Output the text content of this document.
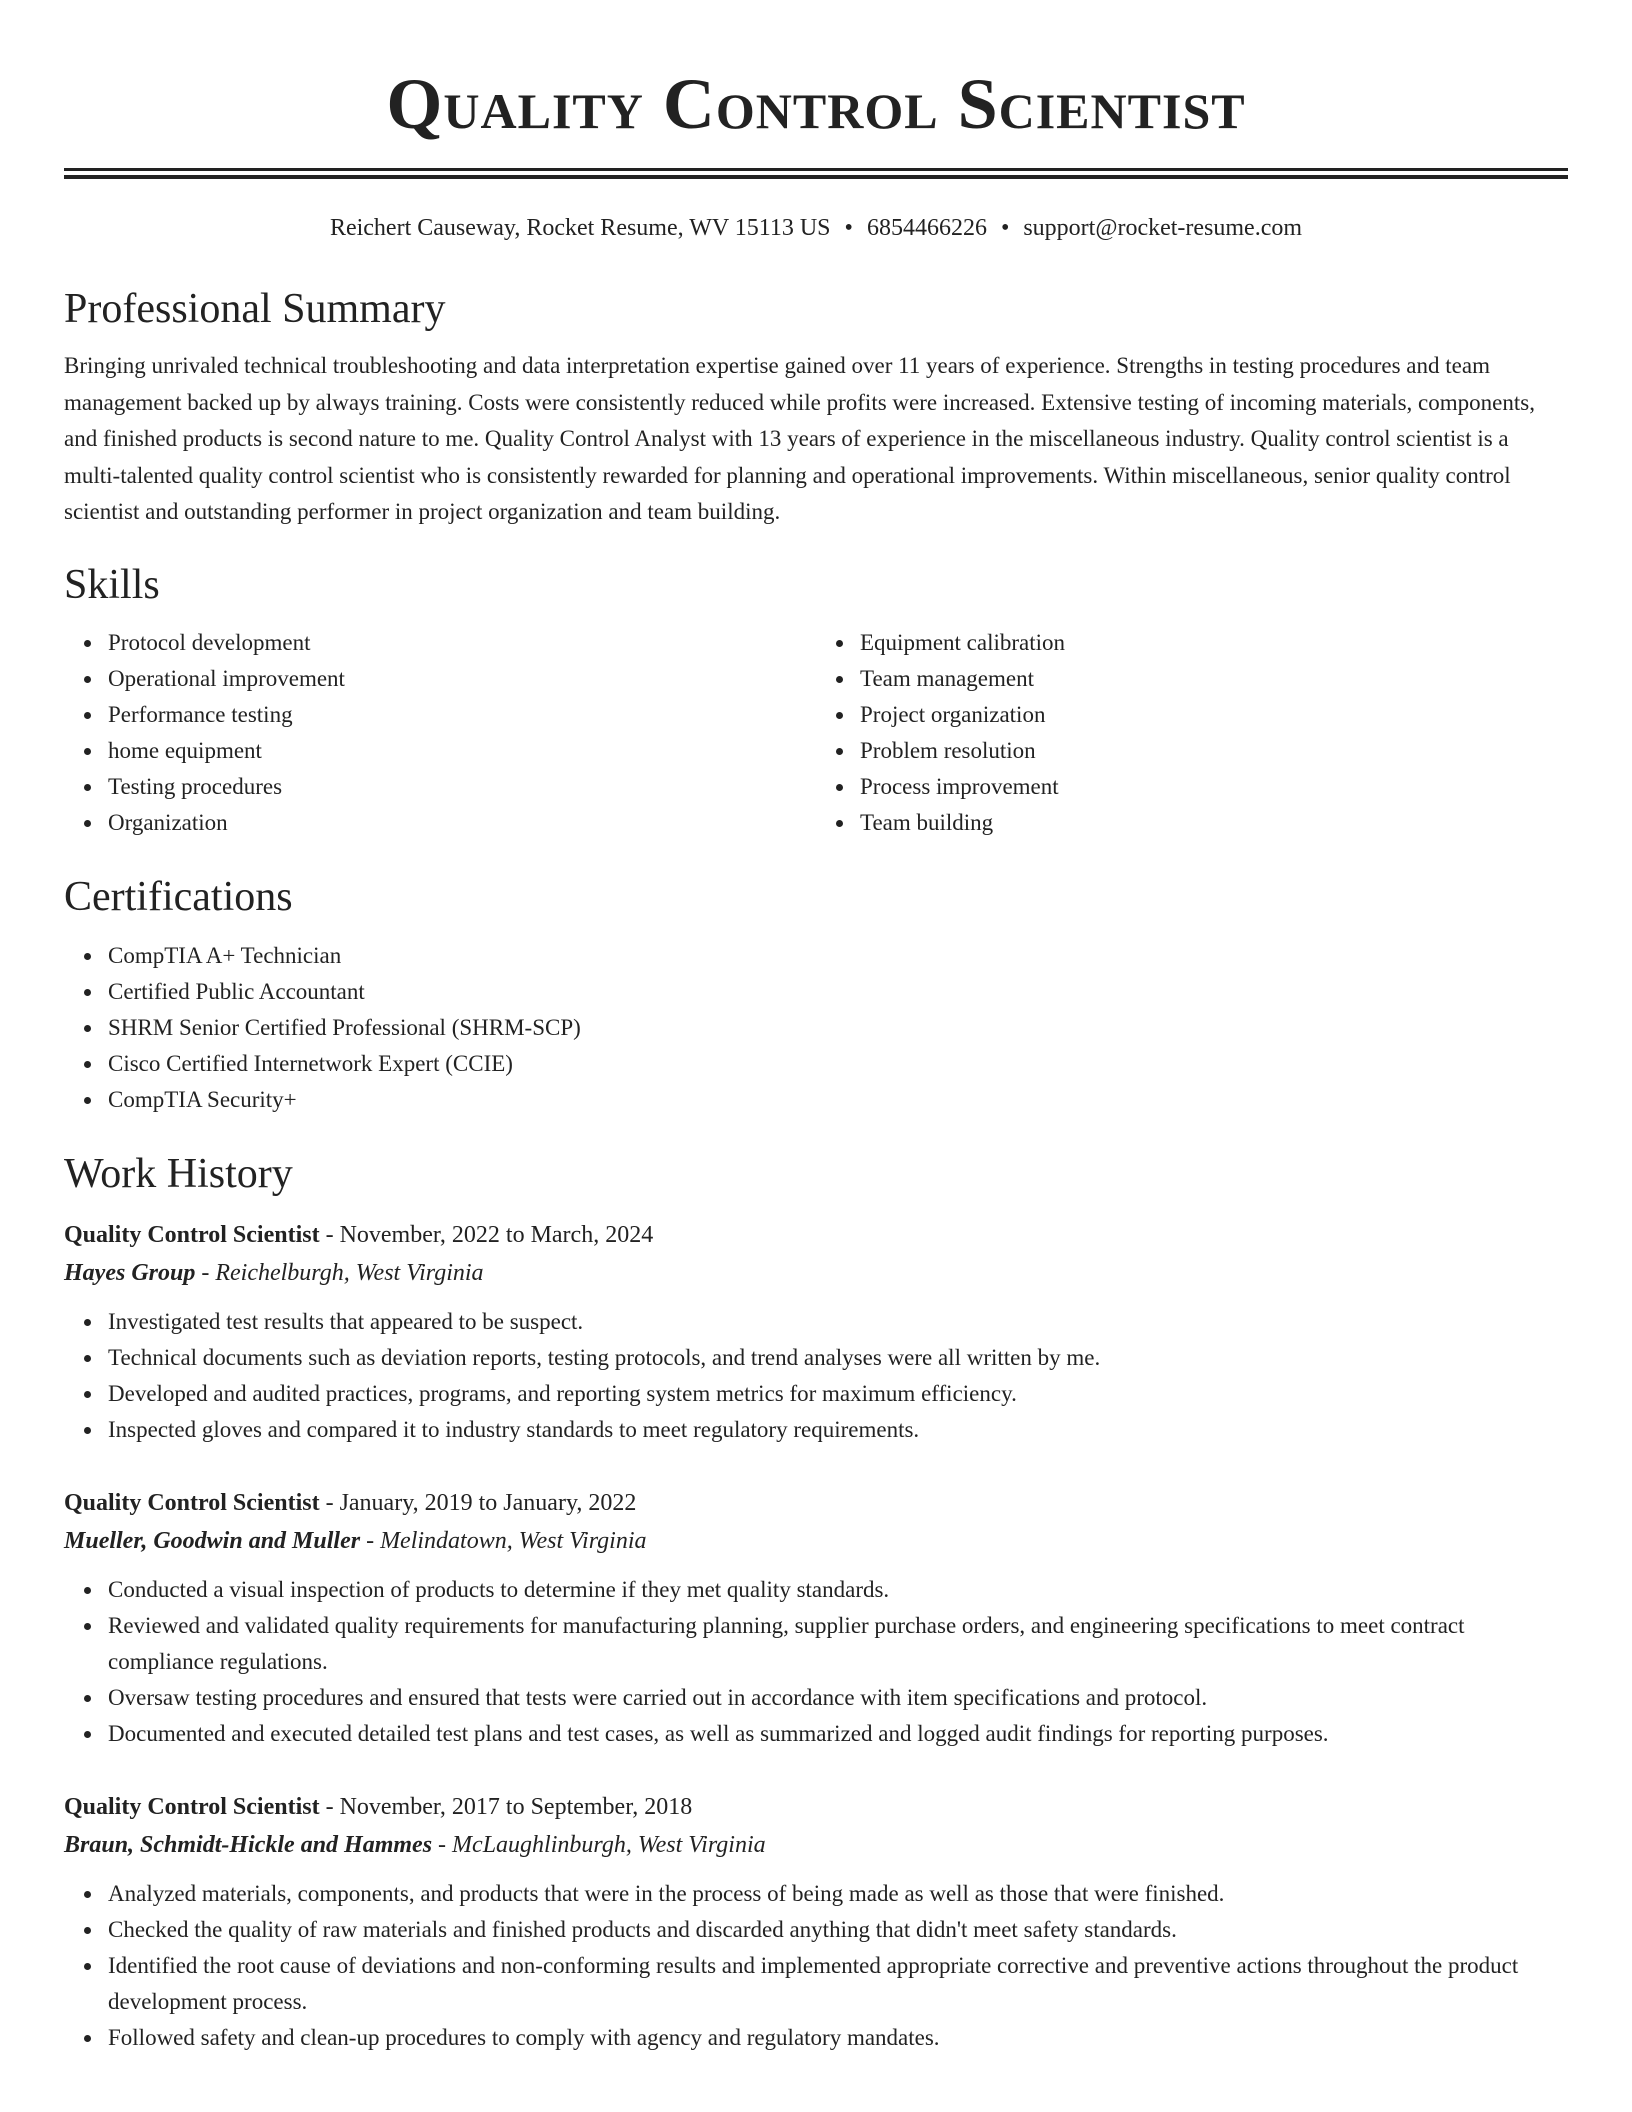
Quality Control Scientist
Reichert Causeway, Rocket Resume, WV 15113 US • 6854466226 • support@rocket-resume.com
Professional Summary

Bringing unrivaled technical troubleshooting and data interpretation expertise gained over 11 years of experience. Strengths in testing procedures and team management backed up by always training. Costs were consistently reduced while profits were increased. Extensive testing of incoming materials, components, and finished products is second nature to me. Quality Control Analyst with 13 years of experience in the miscellaneous industry. Quality control scientist is a multi-talented quality control scientist who is consistently rewarded for planning and operational improvements. Within miscellaneous, senior quality control scientist and outstanding performer in project organization and team building.

Skills
Protocol development
Operational improvement
Performance testing
home equipment
Testing procedures
Organization
Equipment calibration
Team management
Project organization
Problem resolution
Process improvement
Team building
Certifications
CompTIA A+ Technician
Certified Public Accountant
SHRM Senior Certified Professional (SHRM-SCP)
Cisco Certified Internetwork Expert (CCIE)
CompTIA Security+
Work History
Quality Control Scientist - November, 2022 to March, 2024
Hayes Group - Reichelburgh, West Virginia
Investigated test results that appeared to be suspect.
Technical documents such as deviation reports, testing protocols, and trend analyses were all written by me.
Developed and audited practices, programs, and reporting system metrics for maximum efficiency.
Inspected gloves and compared it to industry standards to meet regulatory requirements.
Quality Control Scientist - January, 2019 to January, 2022
Mueller, Goodwin and Muller - Melindatown, West Virginia
Conducted a visual inspection of products to determine if they met quality standards.
Reviewed and validated quality requirements for manufacturing planning, supplier purchase orders, and engineering specifications to meet contract compliance regulations.
Oversaw testing procedures and ensured that tests were carried out in accordance with item specifications and protocol.
Documented and executed detailed test plans and test cases, as well as summarized and logged audit findings for reporting purposes.
Quality Control Scientist - November, 2017 to September, 2018
Braun, Schmidt-Hickle and Hammes - McLaughlinburgh, West Virginia
Analyzed materials, components, and products that were in the process of being made as well as those that were finished.
Checked the quality of raw materials and finished products and discarded anything that didn't meet safety standards.
Identified the root cause of deviations and non-conforming results and implemented appropriate corrective and preventive actions throughout the product development process.
Followed safety and clean-up procedures to comply with agency and regulatory mandates.
